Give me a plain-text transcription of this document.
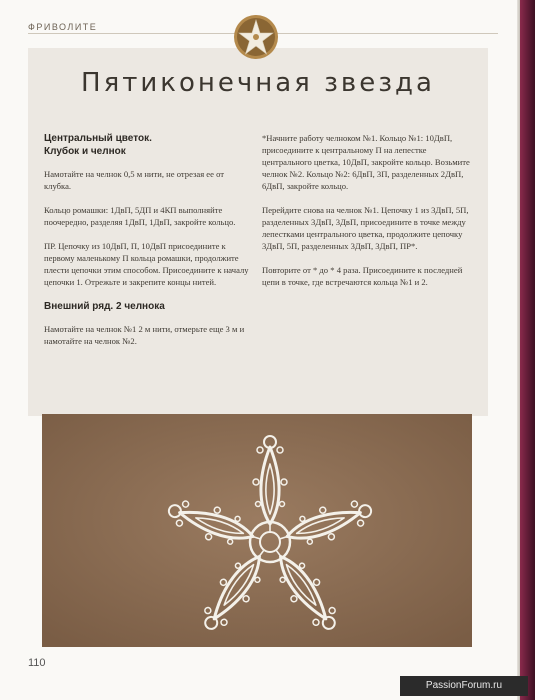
ФРИВОЛИТЕ
Пятиконечная звезда
Центральный цветок.
Клубок и челнок

Намотайте на челнок 0,5 м нити, не отрезая ее от клубка.

Кольцо ромашки: 1ДвП, 5ДП и 4КП выполняйте поочередно, разделяя 1ДвП, 1ДвП, закройте кольцо.

ПР. Цепочку из 10ДвП, П, 10ДвП присоедините к первому маленькому П кольца ромашки, продолжите плести цепочки этим способом. Присоедините к началу цепочки 1. Отрежьте и закрепите концы нитей.

Внешний ряд. 2 челнока

Намотайте на челнок №1 2 м нити, отмерьте еще 3 м и намотайте на челнок №2.

*Начните работу челноком №1. Кольцо №1: 10ДвП, присоедините к центральному П на лепестке центрального цветка, 10ДвП, закройте кольцо. Возьмите челнок №2. Кольцо №2: 6ДвП, 3П, разделенных 2ДвП, 6ДвП, закройте кольцо.

Перейдите снова на челнок №1. Цепочку 1 из 3ДвП, 5П, разделенных 3ДвП, 3ДвП, присоедините в точке между лепестками центрального цветка, продолжите цепочку 3ДвП, 5П, разделенных 3ДвП, 3ДвП, ПР*.

Повторите от * до * 4 раза. Присоедините к последней цепи в точке, где встречаются кольца №1 и 2.

110
PassionForum.ru
